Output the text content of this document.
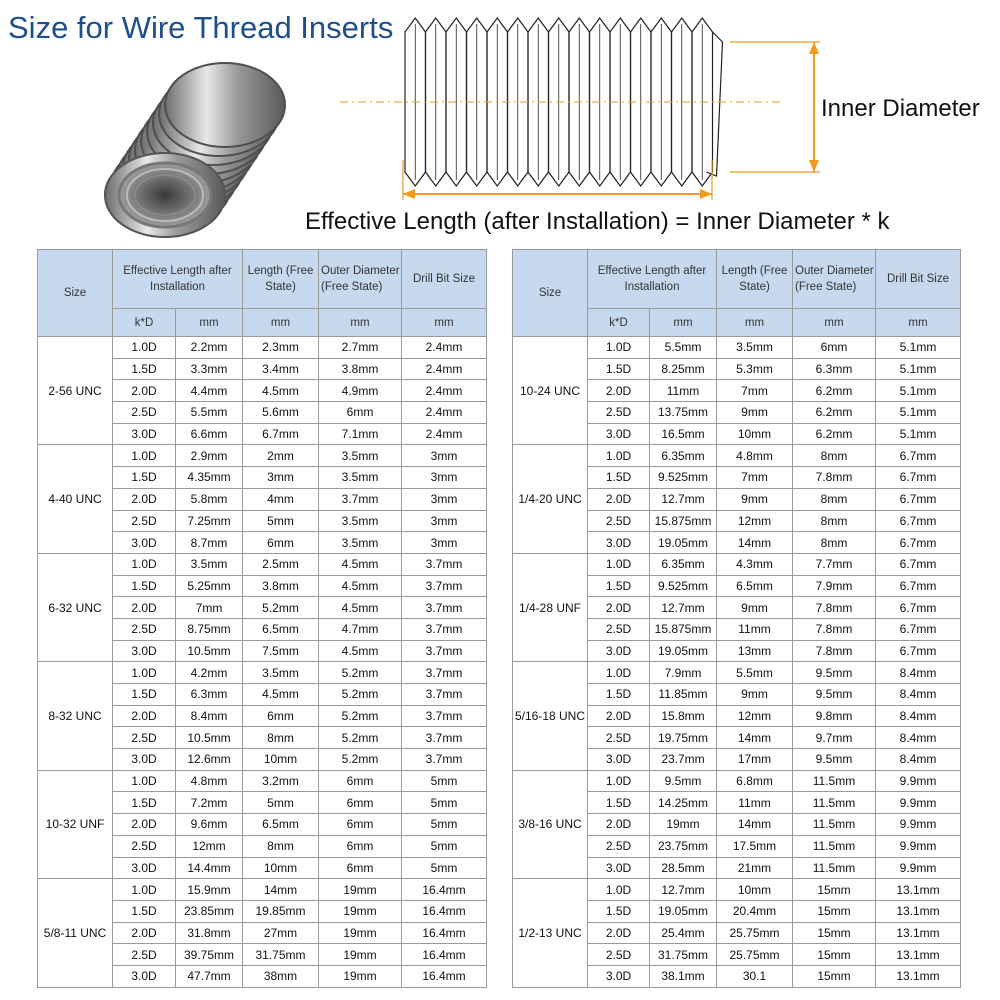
Size for Wire Thread Inserts
Inner Diameter
Effective Length (after Installation) = Inner Diameter * k
Size	Effective Length after Installation		Length (Free State)	Outer Diameter (Free State)	Drill Bit Size
	k*D	mm	mm	mm	mm
2-56 UNC	1.0D	2.2mm	2.3mm	2.7mm	2.4mm
	1.5D	3.3mm	3.4mm	3.8mm	2.4mm
	2.0D	4.4mm	4.5mm	4.9mm	2.4mm
	2.5D	5.5mm	5.6mm	6mm	2.4mm
	3.0D	6.6mm	6.7mm	7.1mm	2.4mm
4-40 UNC	1.0D	2.9mm	2mm	3.5mm	3mm
	1.5D	4.35mm	3mm	3.5mm	3mm
	2.0D	5.8mm	4mm	3.7mm	3mm
	2.5D	7.25mm	5mm	3.5mm	3mm
	3.0D	8.7mm	6mm	3.5mm	3mm
6-32 UNC	1.0D	3.5mm	2.5mm	4.5mm	3.7mm
	1.5D	5.25mm	3.8mm	4.5mm	3.7mm
	2.0D	7mm	5.2mm	4.5mm	3.7mm
	2.5D	8.75mm	6.5mm	4.7mm	3.7mm
	3.0D	10.5mm	7.5mm	4.5mm	3.7mm
8-32 UNC	1.0D	4.2mm	3.5mm	5.2mm	3.7mm
	1.5D	6.3mm	4.5mm	5.2mm	3.7mm
	2.0D	8.4mm	6mm	5.2mm	3.7mm
	2.5D	10.5mm	8mm	5.2mm	3.7mm
	3.0D	12.6mm	10mm	5.2mm	3.7mm
10-32 UNF	1.0D	4.8mm	3.2mm	6mm	5mm
	1.5D	7.2mm	5mm	6mm	5mm
	2.0D	9.6mm	6.5mm	6mm	5mm
	2.5D	12mm	8mm	6mm	5mm
	3.0D	14.4mm	10mm	6mm	5mm
5/8-11 UNC	1.0D	15.9mm	14mm	19mm	16.4mm
	1.5D	23.85mm	19.85mm	19mm	16.4mm
	2.0D	31.8mm	27mm	19mm	16.4mm
	2.5D	39.75mm	31.75mm	19mm	16.4mm
	3.0D	47.7mm	38mm	19mm	16.4mm
Size	Effective Length after Installation		Length (Free State)	Outer Diameter (Free State)	Drill Bit Size
	k*D	mm	mm	mm	mm
10-24 UNC	1.0D	5.5mm	3.5mm	6mm	5.1mm
	1.5D	8.25mm	5.3mm	6.3mm	5.1mm
	2.0D	11mm	7mm	6.2mm	5.1mm
	2.5D	13.75mm	9mm	6.2mm	5.1mm
	3.0D	16.5mm	10mm	6.2mm	5.1mm
1/4-20 UNC	1.0D	6.35mm	4.8mm	8mm	6.7mm
	1.5D	9.525mm	7mm	7.8mm	6.7mm
	2.0D	12.7mm	9mm	8mm	6.7mm
	2.5D	15.875mm	12mm	8mm	6.7mm
	3.0D	19.05mm	14mm	8mm	6.7mm
1/4-28 UNF	1.0D	6.35mm	4.3mm	7.7mm	6.7mm
	1.5D	9.525mm	6.5mm	7.9mm	6.7mm
	2.0D	12.7mm	9mm	7.8mm	6.7mm
	2.5D	15.875mm	11mm	7.8mm	6.7mm
	3.0D	19.05mm	13mm	7.8mm	6.7mm
5/16-18 UNC	1.0D	7.9mm	5.5mm	9.5mm	8.4mm
	1.5D	11.85mm	9mm	9.5mm	8.4mm
	2.0D	15.8mm	12mm	9.8mm	8.4mm
	2.5D	19.75mm	14mm	9.7mm	8.4mm
	3.0D	23.7mm	17mm	9.5mm	8.4mm
3/8-16 UNC	1.0D	9.5mm	6.8mm	11.5mm	9.9mm
	1.5D	14.25mm	11mm	11.5mm	9.9mm
	2.0D	19mm	14mm	11.5mm	9.9mm
	2.5D	23.75mm	17.5mm	11.5mm	9.9mm
	3.0D	28.5mm	21mm	11.5mm	9.9mm
1/2-13 UNC	1.0D	12.7mm	10mm	15mm	13.1mm
	1.5D	19.05mm	20.4mm	15mm	13.1mm
	2.0D	25.4mm	25.75mm	15mm	13.1mm
	2.5D	31.75mm	25.75mm	15mm	13.1mm
	3.0D	38.1mm	30.1	15mm	13.1mm
